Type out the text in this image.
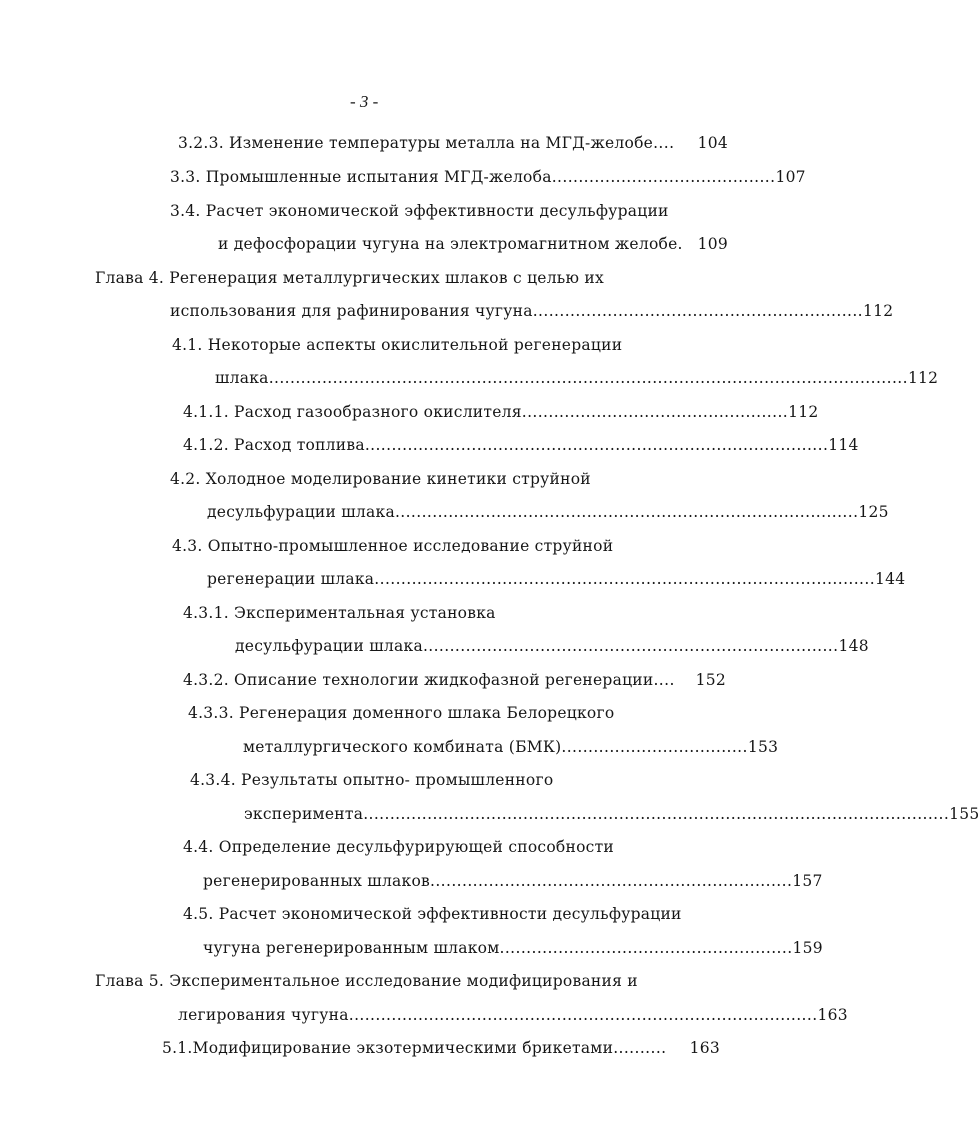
- 3 -
3.2.3. Изменение температуры металла на МГД-желобе ....	104
3.3. Промышленные испытания МГД-желоба .......................................... 107
3.4. Расчет экономической эффективности десульфурации
и дефосфорации чугуна на электромагнитном желобе . 109
Глава 4. Регенерация металлургических шлаков с целью их
использования для рафинирования чугуна .............................................................. 112
4.1. Некоторые аспекты окислительной регенерации
шлака ........................................................................................................................ 112
4.1.1. Расход газообразного окислителя .................................................. 112
4.1.2. Расход топлива ....................................................................................... 114
4.2. Холодное моделирование кинетики струйной
десульфурации шлака ....................................................................................... 125
4.3. Опытно-промышленное исследование струйной
регенерации шлака .............................................................................................. 144
4.3.1. Экспериментальная установка
десульфурации шлака .............................................................................. 148
4.3.2. Описание технологии жидкофазной регенерации ....	152
4.3.3. Регенерация доменного шлака Белорецкого
металлургического комбината (БМК) ................................... 153
4.3.4. Результаты опытно- промышленного
эксперимента .............................................................................................................. 155
4.4. Определение десульфурирующей способности
регенерированных шлаков .................................................................... 157
4.5. Расчет экономической эффективности десульфурации
чугуна регенерированным шлаком ....................................................... 159
Глава 5. Экспериментальное исследование модифицирования и
легирования чугуна ........................................................................................ 163
5.1.Модифицирование экзотермическими брикетами ..........	163
